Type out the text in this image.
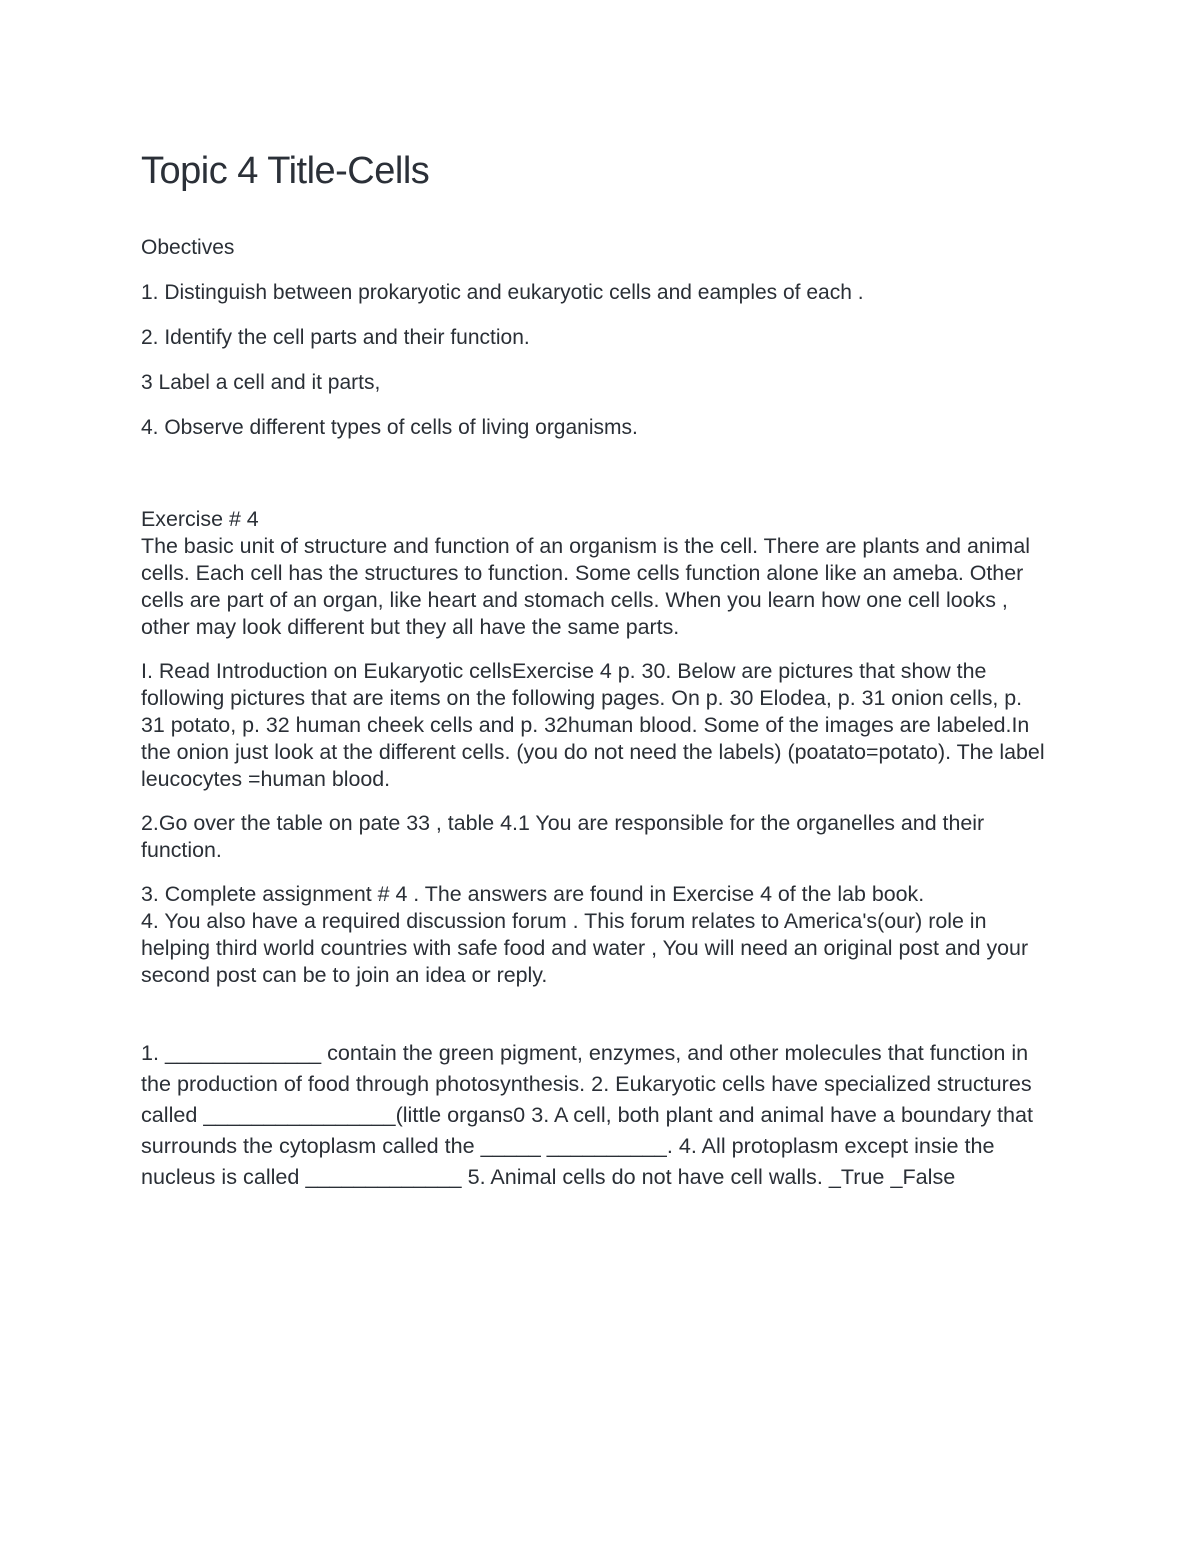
Topic 4 Title-Cells

Obectives

1. Distinguish between prokaryotic and eukaryotic cells and eamples of each .

2. Identify the cell parts and their function.

3 Label a cell and it parts,

4. Observe different types of cells of living organisms.

Exercise # 4

The basic unit of structure and function of an organism is the cell. There are plants and animal cells. Each cell has the structures to function. Some cells function alone like an ameba. Other cells are part of an organ, like heart and stomach cells. When you learn how one cell looks , other may look different but they all have the same parts.

I. Read Introduction on Eukaryotic cellsExercise 4 p. 30. Below are pictures that show the following pictures that are items on the following pages. On p. 30 Elodea, p. 31 onion cells, p. 31 potato, p. 32 human cheek cells and p. 32human blood. Some of the images are labeled.In the onion just look at the different cells. (you do not need the labels) (poatato=potato). The label leucocytes =human blood.

2.Go over the table on pate 33 , table 4.1 You are responsible for the organelles and their function.

3. Complete assignment # 4 . The answers are found in Exercise 4 of the lab book.

4. You also have a required discussion forum . This forum relates to America's(our) role in helping third world countries with safe food and water , You will need an original post and your second post can be to join an idea or reply.

1. _____________ contain the green pigment, enzymes, and other molecules that function in the production of food through photosynthesis. 2. Eukaryotic cells have specialized structures called ________________(little organs0 3. A cell, both plant and animal have a boundary that surrounds the cytoplasm called the _____ __________. 4. All protoplasm except insie the nucleus is called _____________ 5. Animal cells do not have cell walls. _True _False
